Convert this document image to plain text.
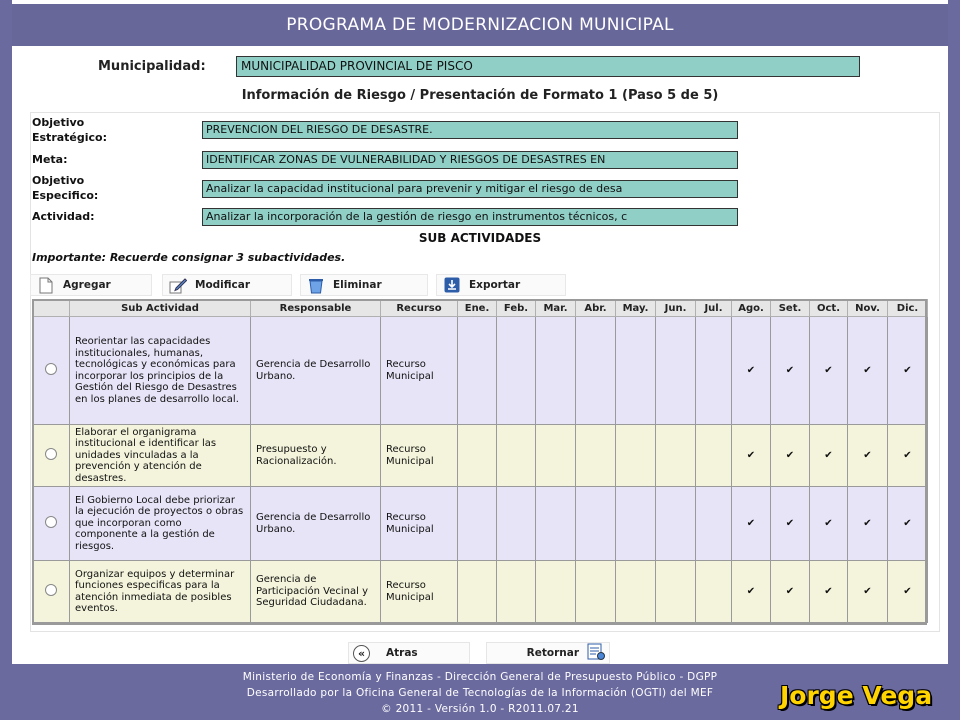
PROGRAMA DE MODERNIZACION MUNICIPAL
Municipalidad:	MUNICIPALIDAD PROVINCIAL DE PISCO
Información de Riesgo / Presentación de Formato 1 (Paso 5 de 5)
Objetivo
Estratégico:
PREVENCION DEL RIESGO DE DESASTRE.
Meta:	IDENTIFICAR ZONAS DE VULNERABILIDAD Y RIESGOS DE DESASTRES EN
Objetivo
Especifico:
Analizar la capacidad institucional para prevenir y mitigar el riesgo de desa
Actividad:	Analizar la incorporación de la gestión de riesgo en instrumentos técnicos, c
SUB ACTIVIDADES
Importante: Recuerde consignar 3 subactividades.
Agregar	Modificar	Eliminar	Exportar
	Sub Actividad	Responsable	Recurso	Ene.	Feb.	Mar.	Abr.	May.	Jun.	Jul.	Ago.	Set.	Oct.	Nov.	Dic.
	Reorientar las capacidades institucionales, humanas, tecnológicas y económicas para incorporar los principios de la Gestión del Riesgo de Desastres en los planes de desarrollo local.	Gerencia de Desarrollo Urbano.	Recurso Municipal								✔	✔	✔	✔	✔
	Elaborar el organigrama institucional e identificar las unidades vinculadas a la prevención y atención de desastres.	Presupuesto y Racionalización.	Recurso Municipal								✔	✔	✔	✔	✔
	El Gobierno Local debe priorizar la ejecución de proyectos o obras que incorporan como componente a la gestión de riesgos.	Gerencia de Desarrollo Urbano.	Recurso Municipal								✔	✔	✔	✔	✔
	Organizar equipos y determinar funciones especificas para la atención inmediata de posibles eventos.	Gerencia de Participación Vecinal y Seguridad Ciudadana.	Recurso Municipal								✔	✔	✔	✔	✔
«	Atras	Retornar
Ministerio de Economía y Finanzas - Dirección General de Presupuesto Público - DGPP
Desarrollado por la Oficina General de Tecnologías de la Información (OGTI) del MEF
© 2011 - Versión 1.0 - R2011.07.21	Jorge Vega
